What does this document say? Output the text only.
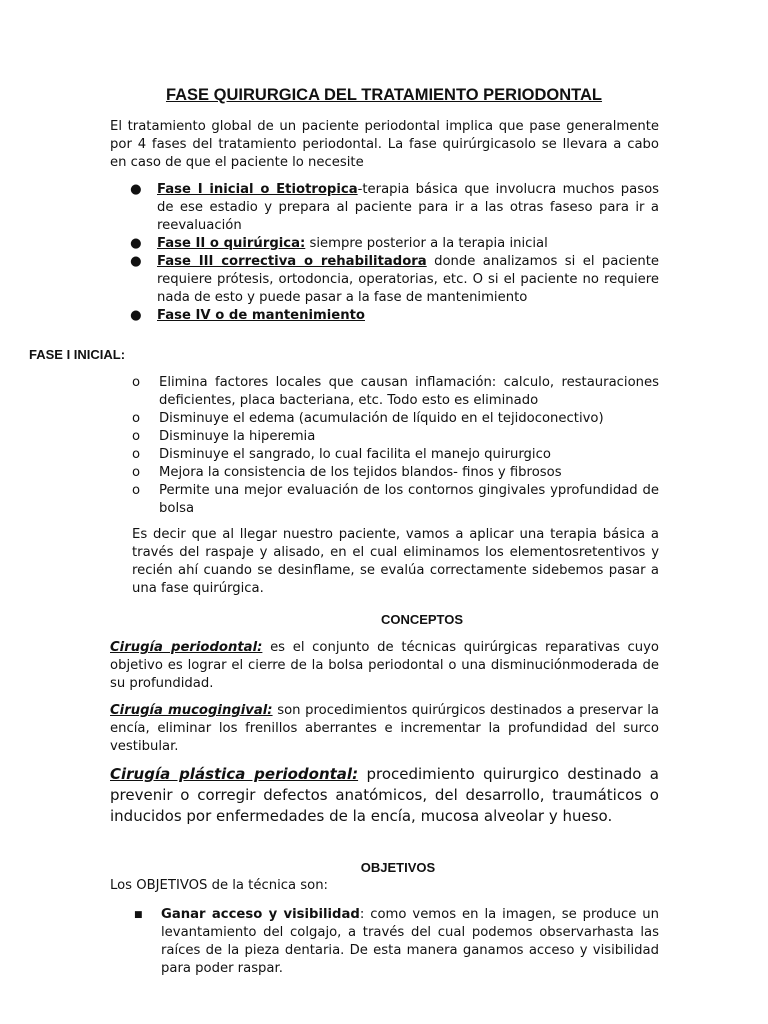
FASE QUIRURGICA DEL TRATAMIENTO PERIODONTAL
El tratamiento global de un paciente periodontal implica que pase generalmente por 4 fases del tratamiento periodontal. La fase quirúrgicasolo se llevara a cabo en caso de que el paciente lo necesite
● Fase I inicial o Etiotropica-terapia básica que involucra muchos pasos de ese estadio y prepara al paciente para ir a las otras faseso para ir a reevaluación
● Fase II o quirúrgica: siempre posterior a la terapia inicial
● Fase III correctiva o rehabilitadora donde analizamos si el paciente requiere prótesis, ortodoncia, operatorias, etc. O si el paciente no requiere nada de esto y puede pasar a la fase de mantenimiento
● Fase IV o de mantenimiento
FASE I INICIAL:
o Elimina factores locales que causan inflamación: calculo, restauraciones deficientes, placa bacteriana, etc. Todo esto es eliminado
o Disminuye el edema (acumulación de líquido en el tejidoconectivo)
o Disminuye la hiperemia
o Disminuye el sangrado, lo cual facilita el manejo quirurgico
o Mejora la consistencia de los tejidos blandos- finos y fibrosos
o Permite una mejor evaluación de los contornos gingivales yprofundidad de bolsa
Es decir que al llegar nuestro paciente, vamos a aplicar una terapia básica a través del raspaje y alisado, en el cual eliminamos los elementosretentivos y recién ahí cuando se desinflame, se evalúa correctamente sidebemos pasar a una fase quirúrgica.
CONCEPTOS
Cirugía periodontal: es el conjunto de técnicas quirúrgicas reparativas cuyo objetivo es lograr el cierre de la bolsa periodontal o una disminuciónmoderada de su profundidad.
Cirugía mucogingival: son procedimientos quirúrgicos destinados a preservar la encía, eliminar los frenillos aberrantes e incrementar la profundidad del surco vestibular.
Cirugía plástica periodontal: procedimiento quirurgico destinado a prevenir o corregir defectos anatómicos, del desarrollo, traumáticos o inducidos por enfermedades de la encía, mucosa alveolar y hueso.
OBJETIVOS
Los OBJETIVOS de la técnica son:
■ Ganar acceso y visibilidad: como vemos en la imagen, se produce un levantamiento del colgajo, a través del cual podemos observarhasta las raíces de la pieza dentaria. De esta manera ganamos acceso y visibilidad para poder raspar.
